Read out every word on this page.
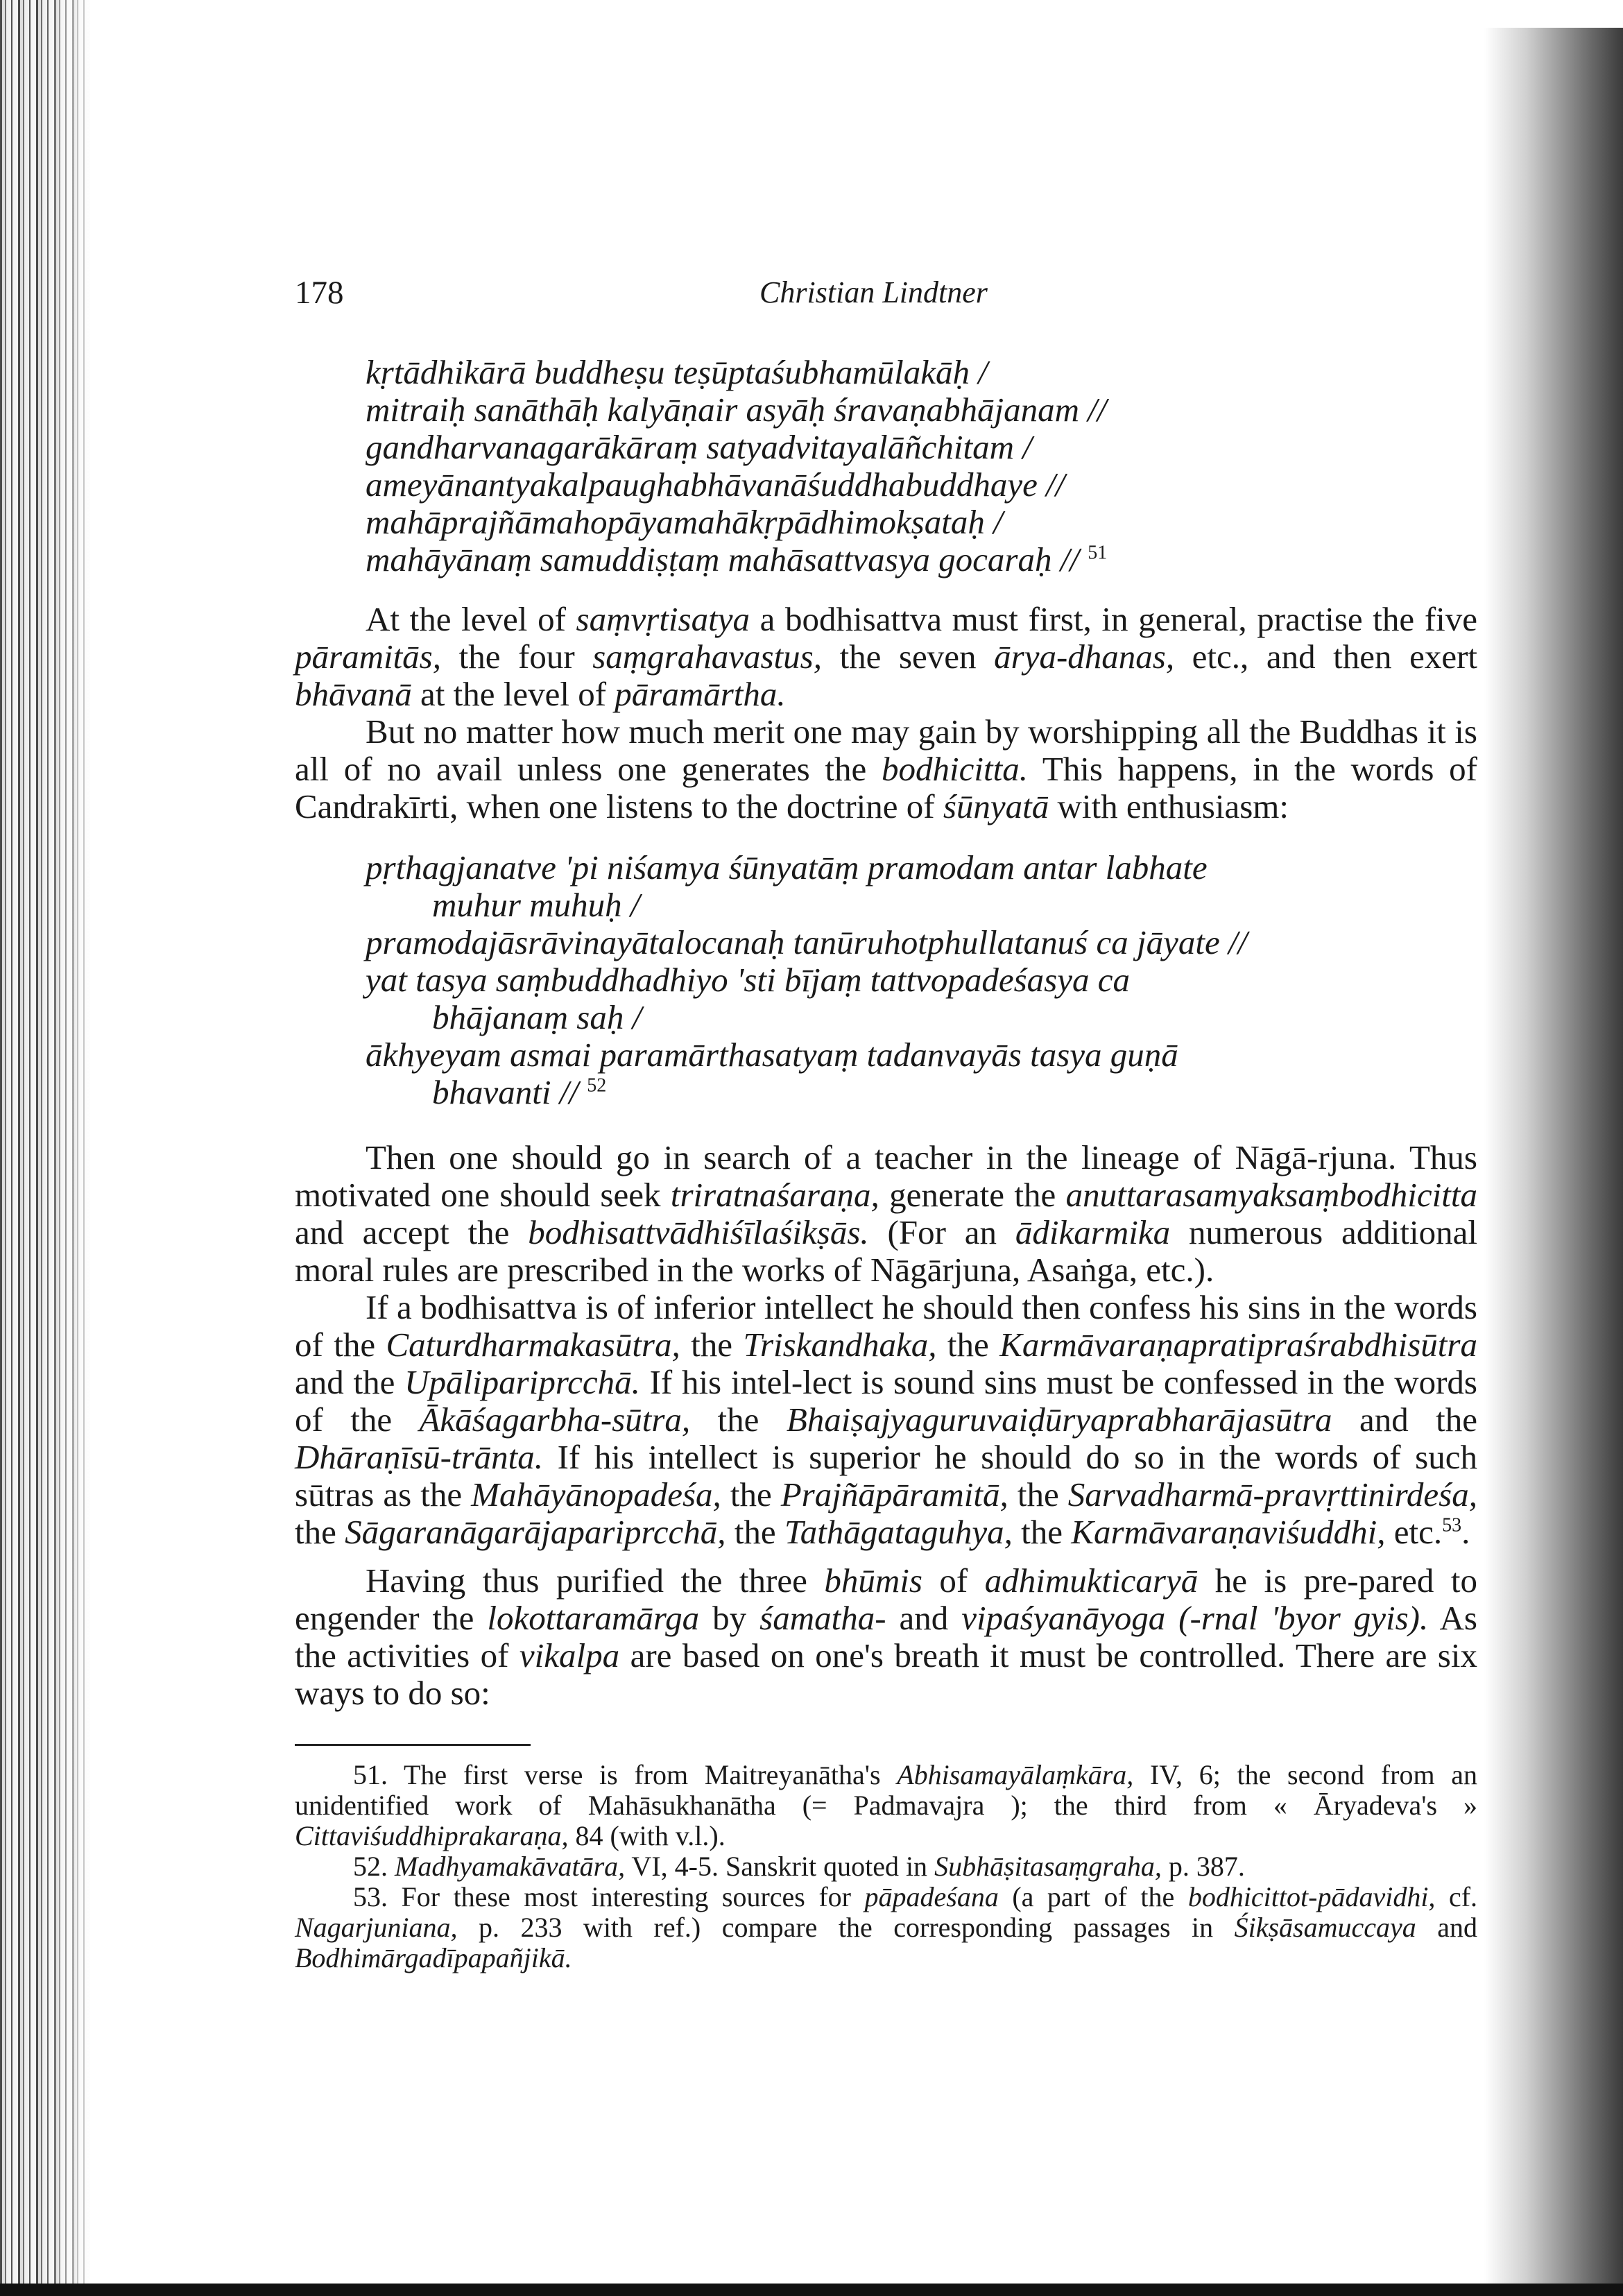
178	Christian Lindtner
kṛtādhikārā buddheṣu teṣūptaśubhamūlakāḥ /
mitraiḥ sanāthāḥ kalyāṇair asyāḥ śravaṇabhājanam //
gandharvanagarākāraṃ satyadvitayalāñchitam /
ameyānantyakalpaughabhāvanāśuddhabuddhaye //
mahāprajñāmahopāyamahākṛpādhimokṣataḥ /
mahāyānaṃ samuddiṣṭaṃ mahāsattvasya gocaraḥ // $^{51}$

At the level of saṃvṛtisatya a bodhisattva must first, in general, practise the five pāramitās, the four saṃgrahavastus, the seven ārya-dhanas, etc., and then exert bhāvanā at the level of pāramārtha.

But no matter how much merit one may gain by worshipping all the Buddhas it is all of no avail unless one generates the bodhicitta. This happens, in the words of Candrakīrti, when one listens to the doctrine of śūnyatā with enthusiasm:

pṛthagjanatve 'pi niśamya śūnyatāṃ pramodam antar labhate
muhur muhuḥ /
pramodajāsrāvinayātalocanaḥ tanūruhotphullatanuś ca jāyate //
yat tasya saṃbuddhadhiyo 'sti bījaṃ tattvopadeśasya ca
bhājanaṃ saḥ /
ākhyeyam asmai paramārthasatyaṃ tadanvayās tasya guṇā
bhavanti // $^{52}$

Then one should go in search of a teacher in the lineage of Nāgā-rjuna. Thus motivated one should seek triratnaśaraṇa, generate the anuttarasamyaksaṃbodhicitta and accept the bodhisattvādhiśīlaśikṣās. (For an ādikarmika numerous additional moral rules are prescribed in the works of Nāgārjuna, Asaṅga, etc.).

If a bodhisattva is of inferior intellect he should then confess his sins in the words of the Caturdharmakasūtra, the Triskandhaka, the Karmāvaraṇapratipraśrabdhisūtra and the Upālipariprcchā. If his intel-lect is sound sins must be confessed in the words of the Ākāśagarbha-sūtra, the Bhaiṣajyaguruvaiḍūryaprabharājasūtra and the Dhāraṇīsū-trānta. If his intellect is superior he should do so in the words of such sūtras as the Mahāyānopadeśa, the Prajñāpāramitā, the Sarvadharmā-pravṛttinirdeśa, the Sāgaranāgarājapariprcchā, the Tathāgataguhya, the Karmāvaraṇaviśuddhi, etc.$^{53}$.

Having thus purified the three bhūmis of adhimukticaryā he is pre-pared to engender the lokottaramārga by śamatha- and vipaśyanāyoga (-rnal 'byor gyis). As the activities of vikalpa are based on one's breath it must be controlled. There are six ways to do so:

51. The first verse is from Maitreyanātha's Abhisamayālaṃkāra, IV, 6; the second from an unidentified work of Mahāsukhanātha (= Padmavajra ); the third from « Āryadeva's » Cittaviśuddhiprakaraṇa, 84 (with v.l.).

52. Madhyamakāvatāra, VI, 4-5. Sanskrit quoted in Subhāṣitasaṃgraha, p. 387.

53. For these most interesting sources for pāpadeśana (a part of the bodhicittot-pādavidhi, cf. Nagarjuniana, p. 233 with ref.) compare the corresponding passages in Śikṣāsamuccaya and Bodhimārgadīpapañjikā.
